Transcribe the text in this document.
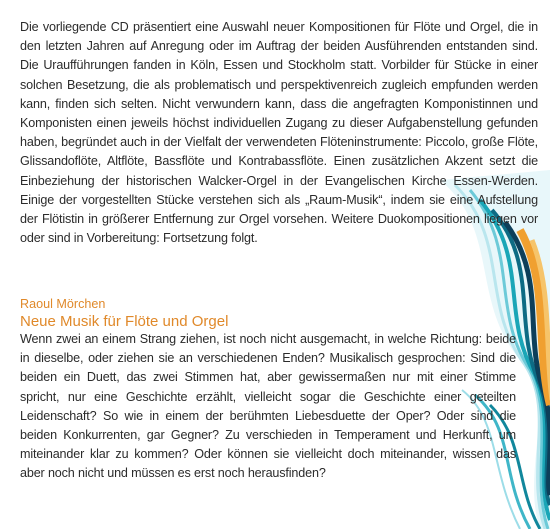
Die vorliegende CD präsentiert eine Auswahl neuer Kompositionen für Flöte und Orgel, die in den letzten Jahren auf Anregung oder im Auftrag der beiden Ausführenden entstanden sind. Die Uraufführungen fanden in Köln, Essen und Stockholm statt. Vorbilder für Stücke in einer solchen Besetzung, die als problematisch und perspektivenreich zugleich empfunden werden kann, finden sich selten. Nicht verwundern kann, dass die angefragten Komponistinnen und Komponisten einen jeweils höchst individuellen Zugang zu dieser Aufgabenstellung gefunden haben, begründet auch in der Vielfalt der verwendeten Flöteninstrumente: Piccolo, große Flöte, Glissandoflöte, Altflöte, Bassflöte und Kontrabassflöte. Einen zusätzlichen Akzent setzt die Einbeziehung der historischen Walcker-Orgel in der Evangelischen Kirche Essen-Werden. Einige der vorgestellten Stücke verstehen sich als „Raum-Musik“, indem sie eine Aufstellung der Flötistin in größerer Entfernung zur Orgel vorsehen. Weitere Duokompositionen liegen vor oder sind in Vorbereitung: Fortsetzung folgt.

Raoul Mörchen
Neue Musik für Flöte und Orgel

Wenn zwei an einem Strang ziehen, ist noch nicht ausgemacht, in welche Richtung: beide in dieselbe, oder ziehen sie an verschiedenen Enden? Musikalisch gesprochen: Sind die beiden ein Duett, das zwei Stimmen hat, aber gewissermaßen nur mit einer Stimme spricht, nur eine Geschichte erzählt, vielleicht sogar die Geschichte einer geteilten Leidenschaft? So wie in einem der berühmten Liebesduette der Oper? Oder sind die beiden Konkurrenten, gar Gegner? Zu verschieden in Temperament und Herkunft, um miteinander klar zu kommen? Oder können sie vielleicht doch miteinander, wissen das aber noch nicht und müssen es erst noch herausfinden?
